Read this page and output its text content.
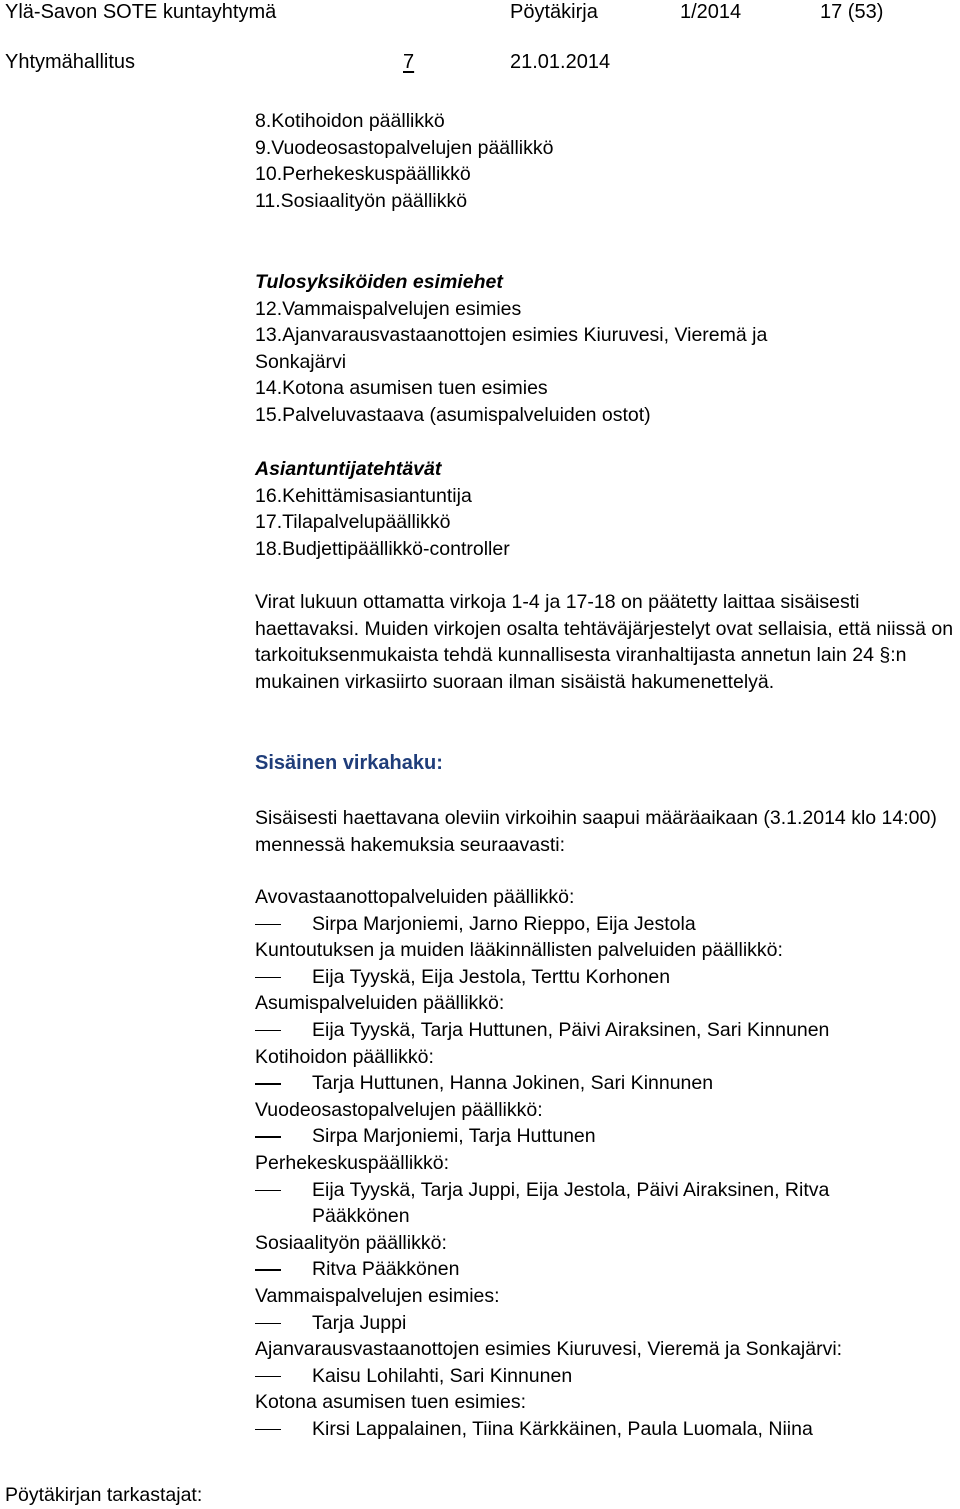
Ylä-Savon SOTE kuntayhtymä	Pöytäkirja	1/2014	17 (53)
Yhtymähallitus	7	21.01.2014
8.Kotihoidon päällikkö
9.Vuodeosastopalvelujen päällikkö
10.Perhekeskuspäällikkö
11.Sosiaalityön päällikkö
Tulosyksiköiden esimiehet
12.Vammaispalvelujen esimies
13.Ajanvarausvastaanottojen esimies Kiuruvesi, Vieremä ja
Sonkajärvi
14.Kotona asumisen tuen esimies
15.Palveluvastaava (asumispalveluiden ostot)
Asiantuntijatehtävät
16.Kehittämisasiantuntija
17.Tilapalvelupäällikkö
18.Budjettipäällikkö-controller
Virat lukuun ottamatta virkoja 1-4 ja 17-18 on päätetty laittaa sisäisesti haettavaksi. Muiden virkojen osalta tehtäväjärjestelyt ovat sellaisia, että niissä on tarkoituksenmukaista tehdä kunnallisesta viranhaltijasta annetun lain 24 §:n mukainen virkasiirto suoraan ilman sisäistä hakumenettelyä.
Sisäinen virkahaku:
Sisäisesti haettavana oleviin virkoihin saapui määräaikaan (3.1.2014 klo 14:00) mennessä hakemuksia seuraavasti:
Avovastaanottopalveluiden päällikkö:
Sirpa Marjoniemi, Jarno Rieppo, Eija Jestola
Kuntoutuksen ja muiden lääkinnällisten palveluiden päällikkö:
Eija Tyyskä, Eija Jestola, Terttu Korhonen
Asumispalveluiden päällikkö:
Eija Tyyskä, Tarja Huttunen, Päivi Airaksinen, Sari Kinnunen
Kotihoidon päällikkö:
Tarja Huttunen, Hanna Jokinen, Sari Kinnunen
Vuodeosastopalvelujen päällikkö:
Sirpa Marjoniemi, Tarja Huttunen
Perhekeskuspäällikkö:
Eija Tyyskä, Tarja Juppi, Eija Jestola, Päivi Airaksinen, Ritva Pääkkönen
Sosiaalityön päällikkö:
Ritva Pääkkönen
Vammaispalvelujen esimies:
Tarja Juppi
Ajanvarausvastaanottojen esimies Kiuruvesi, Vieremä ja Sonkajärvi:
Kaisu Lohilahti, Sari Kinnunen
Kotona asumisen tuen esimies:
Kirsi Lappalainen, Tiina Kärkkäinen, Paula Luomala, Niina
Pöytäkirjan tarkastajat:
